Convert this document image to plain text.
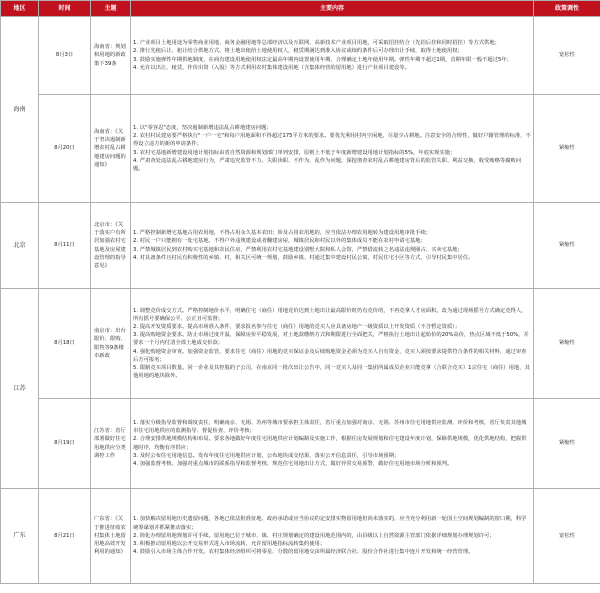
地区	时间	主题	主要内容	政策调性
海南	8月3日	海南省：规划和用地的新政策下39条	1. 产业项目土地用途为零售商业用地、商务金融用地等总部经济以及互联网、高新技术产业项目用地，可采取招挂结合（先招后挂和同时招挂）等方式供地；
2. 推行先租后让、租让结合供地方式。将土地出租给土地使用权人，租赁期满达到准入协议或续约条件后可办理出让手续，取得土地使用权；
3. 鼓励实施弹性年期供地制度，在商有建设用地使用权法定最高年期内设置使用年期，合理确定土地年使用年期。弹性年期不超过1期，首期年限一般不超过5年；
4. 允许以出让、租赁、作价出资（入股）等方式利用农村集体建设用地（含集体经营的留用地）进行产业项目建设等。	宽松性
	8月20日	海南省：《关于坚决遏制新增农村乱占耕地建房问题的通知》	1. 以"零容忍"态度，坚决遏制新增违法乱占耕地建房问题；
2. 农村村民建房要严格执行"一户一宅"和每户用地面积不得超过175平方米的要求。要优先利用村内空闲地，尽量少占耕地。注意安全的合理性，做好户籍管理的标准，不得设立违方的新的申请条件；
3. 农村宅基地新增建设用地计划指标由省自然资源和规划部门单列安排，原则上不低于年度新增建设用地计划指标的5%，年底实现实施；
4. 严肃查处违法乱占耕地建房行为，严肃追究监管不力、失职渎职、不作为、乱作为问题，深挖彻查农村乱占耕地建房背后的监管失职、利益交换、收受贿赂等腐败问题。	紧缩性
北京	8月11日	北京市：《关于落实户有所居加强农村宅基地及房屋建设管理的指导意见》	1. 严格控制新增宅基地占用农用地，不得占用永久基本农田；涉及占用农用地的，应当依法办理农用地转为建设用地审批手续；
2. 村民一户只能拥有一处宅基地，不得户外违规建设或者翻建房屋，城镇居民和村民以外的集体成员不能在农村申请宅基地；
3. 严禁城镇居民到农村购买宅基地和农民住房，严禁利用农村宅基地建设别墅大院和私人会馆，严禁借流转之名违法违规圈占、买卖宅基地；
4. 对具备条件且村民有积极性的乡镇、村，相关区可统一规划，鼓励乡镇、村通过集中建设村民公寓、村民住宅小区等方式，引导村民集中居住。	紧缩性
江苏	8月18日	南京市：出台限价、限购、限售等9条楼市新政	1. 调整竞价成交方式。严格控制地价水平，明确住宅（商住）用地竞价达到土地出让最高限价时仍有竞价的，不再竞拿人才房面积，改为通过现场摇号方式确定竞得人，所有摇号要确保公平、公正且可监督；
2. 提高开发资质要求。提高市场准入条件，要求报名参与住宅（商住）用地的竞买人应具备房地产一级资质以上开发资质（不含暂定资质）；
3. 提高购地资金要求。防止市场过度升温，保障房价平稳发展，对土地款缴纳方式和期限进行全面把关，严格执行土地出让起始价的20%高价，热点区域不低于50%，并要求一个月内付清全部土地成交价款；
4. 强化购地资金审查。加强资金监管，要求住宅（商住）用地的竞买保证金及后续购地资金必须为竞买人自有资金，竞买人须按要求提供符合条件的相关材料，通过审查后方可报名；
5. 限制竞买项目数量。同一企业及其控股的子公司，在南京同一批次出让公告中，同一竞买人及同一集团所属成员企业只能竞拿（合联合竞买）1宗住宅（商住）用地，其他用地的地块除外。	紧缩性
	8月19日	江苏省：省厅部署做好住宅用地供应分类调控工作	1. 落实分级指导监督和调度责任，明确南京、无锡、苏州等城市要承担主体责任，省厅重点加强对南京、无锡、苏州市住宅用地供应监测、评价和考核，省厅负责其他城市住宅用地供应的监测指导、督促检查、评价考核；
2. 合理安排供地规模结构和布局。要求各地做好年度住宅用地供应计划编制及实施工作，根据住房发展规划和住宅建设年度计划，保障供地规模，优化供地结构，把握供地时序，均衡有序供应；
3. 及时公布住宅用地信息。发布年度住宅用地供应计划，公布地块成交结果，落实公开信息责任，引导市场预期；
4. 加强监督考核、加强对重点城市的联系指导和监督考核，规范住宅用地出让方式，做好异常交易预警，做好住宅用地市场分析和预判。	紧缩性
广东	8月21日	广东省：《关于推进征收农村集体土地留用地高效开发利用的通知》	1. 加快解决留用地历史遗留问题，各地已依法批准征地、政府承诺或应当协议约定安排实物留用地但尚未落实的，应当充分利用新一轮国土空间规划编制的窗口期，科学统筹谋划并抓紧推动落实；
2. 简化办理留用地规划许可手续。留用地已位于城市、镇、村庄规划确定的建设用地范围内的，由县级以上自然资源主管部门依据详细规划办理规划许可；
3. 积极推动留用地以公开交易形式进入市场流转，允许留用地指标流转集约使用；
4. 鼓励引入市场主体合作开发。农村集体经济组织可将零星、分散的留用地交由所属经济联合社、股份合作社进行集中连片开发和统一经营管理。	宽松性
